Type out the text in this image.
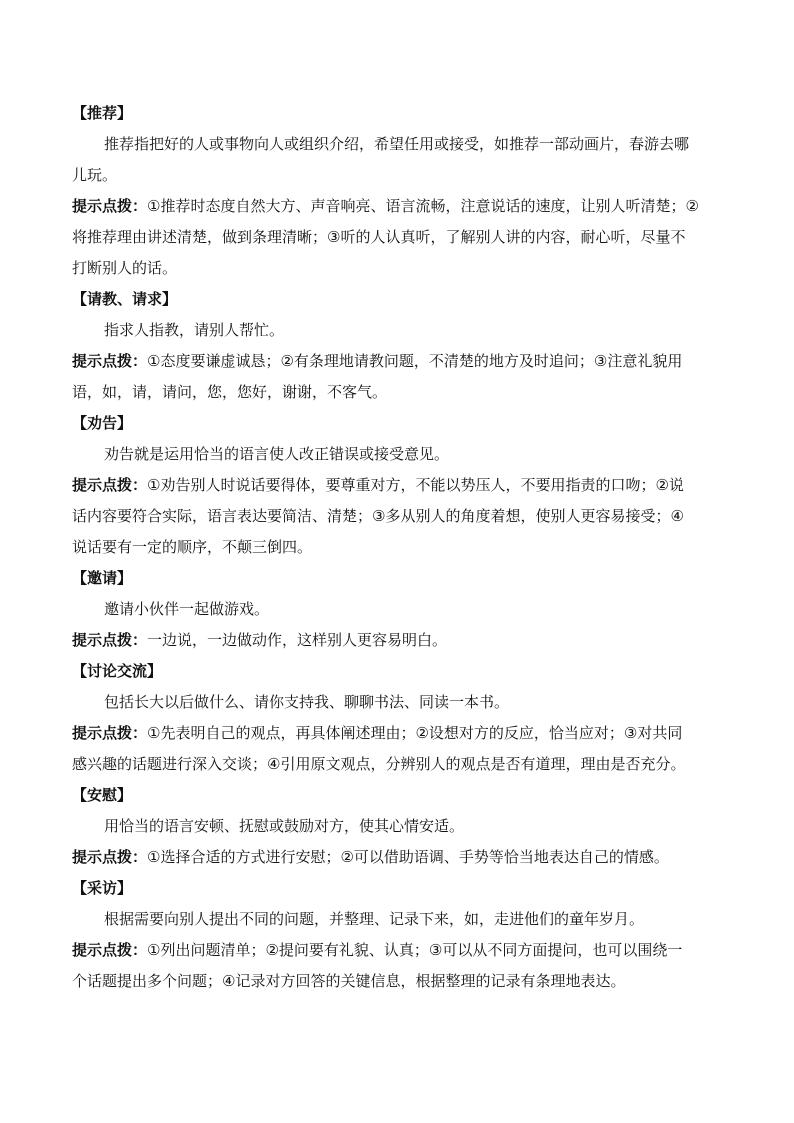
【推荐】
推荐指把好的人或事物向人或组织介绍，希望任用或接受，如推荐一部动画片，春游去哪
儿玩。
提示点拨：①推荐时态度自然大方、声音响亮、语言流畅，注意说话的速度，让别人听清楚；②
将推荐理由讲述清楚，做到条理清晰；③听的人认真听，了解别人讲的内容，耐心听，尽量不
打断别人的话。
【请教、请求】
指求人指教，请别人帮忙。
提示点拨：①态度要谦虚诚恳；②有条理地请教问题，不清楚的地方及时追问；③注意礼貌用
语，如，请，请问，您，您好，谢谢，不客气。
【劝告】
劝告就是运用恰当的语言使人改正错误或接受意见。
提示点拨：①劝告别人时说话要得体，要尊重对方，不能以势压人，不要用指责的口吻；②说
话内容要符合实际，语言表达要简洁、清楚；③多从别人的角度着想，使别人更容易接受；④
说话要有一定的顺序，不颠三倒四。
【邀请】
邀请小伙伴一起做游戏。
提示点拨：一边说，一边做动作，这样别人更容易明白。
【讨论交流】
包括长大以后做什么、请你支持我、聊聊书法、同读一本书。
提示点拨：①先表明自己的观点，再具体阐述理由；②设想对方的反应，恰当应对；③对共同
感兴趣的话题进行深入交谈；④引用原文观点，分辨别人的观点是否有道理，理由是否充分。
【安慰】
用恰当的语言安顿、抚慰或鼓励对方，使其心情安适。
提示点拨：①选择合适的方式进行安慰；②可以借助语调、手势等恰当地表达自己的情感。
【采访】
根据需要向别人提出不同的问题，并整理、记录下来，如，走进他们的童年岁月。
提示点拨：①列出问题清单；②提问要有礼貌、认真；③可以从不同方面提问，也可以围绕一
个话题提出多个问题；④记录对方回答的关键信息，根据整理的记录有条理地表达。
